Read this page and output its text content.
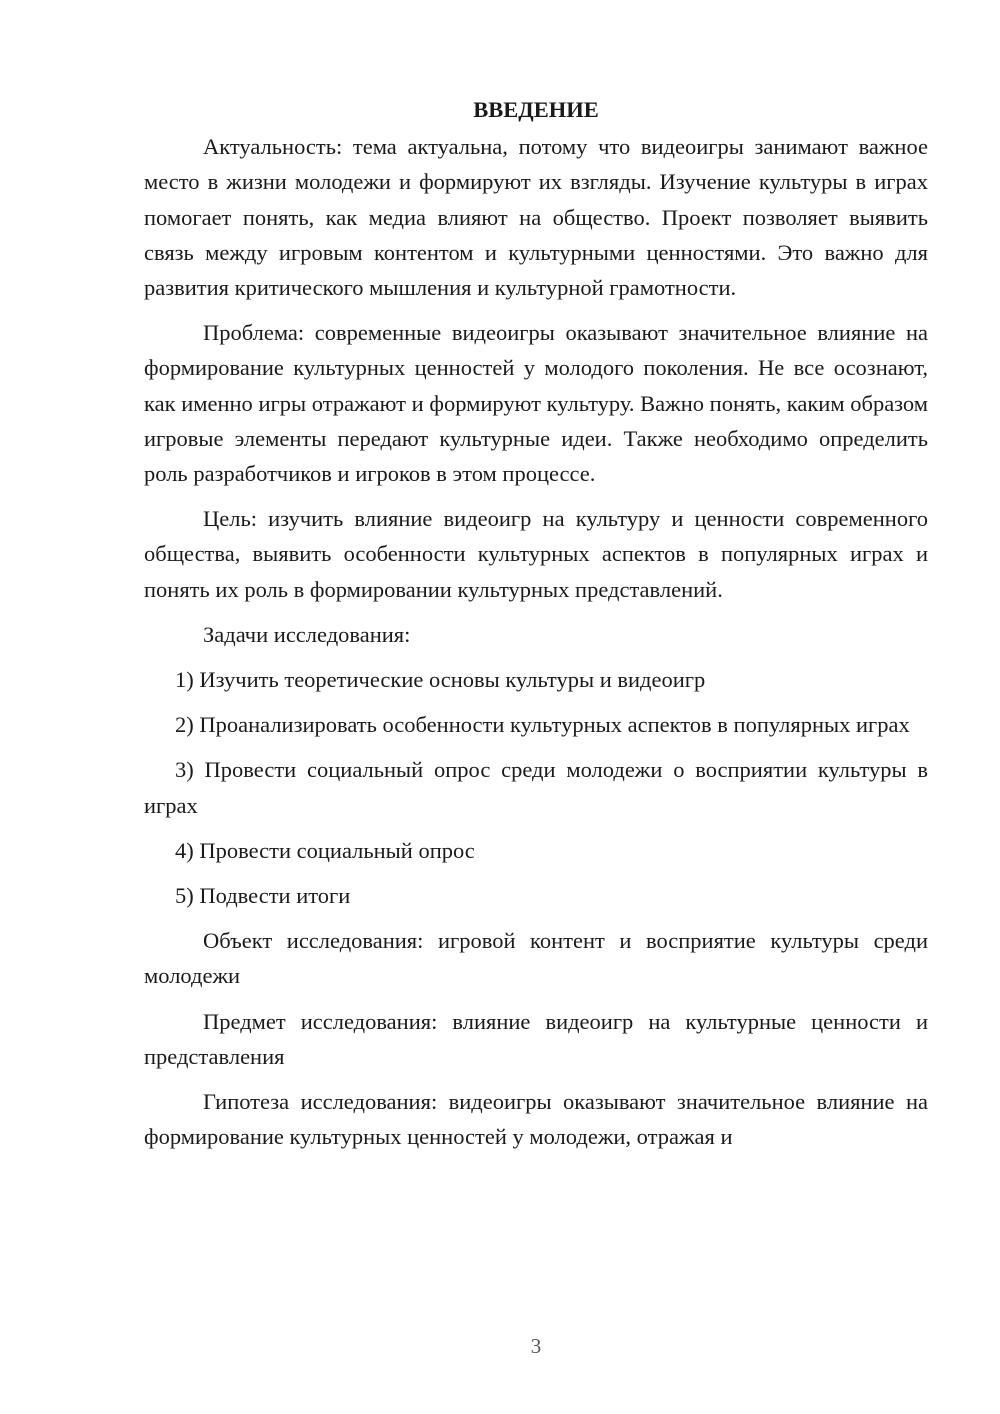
ВВЕДЕНИЕ

Актуальность: тема актуальна, потому что видеоигры занимают важное место в жизни молодежи и формируют их взгляды. Изучение культуры в играх помогает понять, как медиа влияют на общество. Проект позволяет выявить связь между игровым контентом и культурными ценностями. Это важно для развития критического мышления и культурной грамотности.

Проблема: современные видеоигры оказывают значительное влияние на формирование культурных ценностей у молодого поколения. Не все осознают, как именно игры отражают и формируют культуру. Важно понять, каким образом игровые элементы передают культурные идеи. Также необходимо определить роль разработчиков и игроков в этом процессе.

Цель: изучить влияние видеоигр на культуру и ценности современного общества, выявить особенности культурных аспектов в популярных играх и понять их роль в формировании культурных представлений.

Задачи исследования:

1) Изучить теоретические основы культуры и видеоигр

2) Проанализировать особенности культурных аспектов в популярных играх

3) Провести социальный опрос среди молодежи о восприятии культуры в играх

4) Провести социальный опрос

5) Подвести итоги

Объект исследования: игровой контент и восприятие культуры среди молодежи

Предмет исследования: влияние видеоигр на культурные ценности и представления

Гипотеза исследования: видеоигры оказывают значительное влияние на формирование культурных ценностей у молодежи, отражая и

3
